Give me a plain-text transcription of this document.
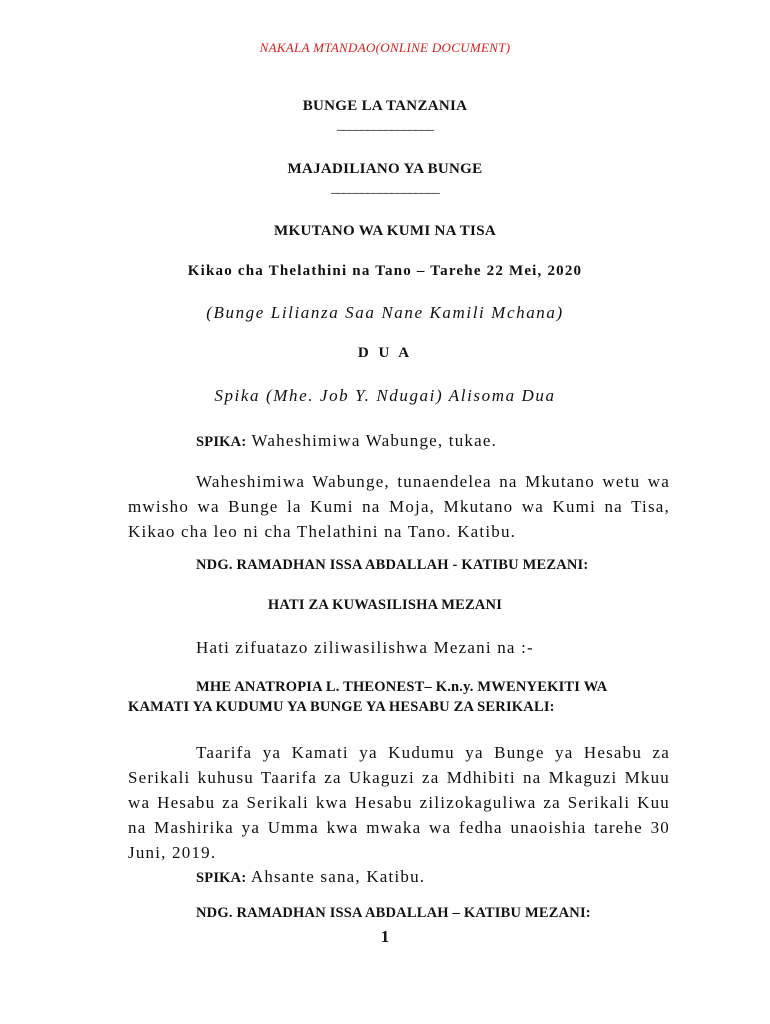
NAKALA MTANDAO(ONLINE DOCUMENT)
BUNGE LA TANZANIA
________________
MAJADILIANO YA BUNGE
__________________
MKUTANO WA KUMI NA TISA
Kikao cha Thelathini na Tano – Tarehe 22 Mei, 2020
(Bunge Lilianza Saa Nane Kamili Mchana)
D U A
Spika (Mhe. Job Y. Ndugai) Alisoma Dua
SPIKA: Waheshimiwa Wabunge, tukae.
Waheshimiwa Wabunge, tunaendelea na Mkutano wetu wa mwisho wa Bunge la Kumi na Moja, Mkutano wa Kumi na Tisa, Kikao cha leo ni cha Thelathini na Tano. Katibu.
NDG. RAMADHAN ISSA ABDALLAH - KATIBU MEZANI:
HATI ZA KUWASILISHA MEZANI
Hati zifuatazo ziliwasilishwa Mezani na :-
MHE ANATROPIA L. THEONEST– K.n.y. MWENYEKITI WA
KAMATI YA KUDUMU YA BUNGE YA HESABU ZA SERIKALI:
Taarifa ya Kamati ya Kudumu ya Bunge ya Hesabu za Serikali kuhusu Taarifa za Ukaguzi za Mdhibiti na Mkaguzi Mkuu wa Hesabu za Serikali kwa Hesabu zilizokaguliwa za Serikali Kuu na Mashirika ya Umma kwa mwaka wa fedha unaoishia tarehe 30 Juni, 2019.
SPIKA: Ahsante sana, Katibu.
NDG. RAMADHAN ISSA ABDALLAH – KATIBU MEZANI:
1
